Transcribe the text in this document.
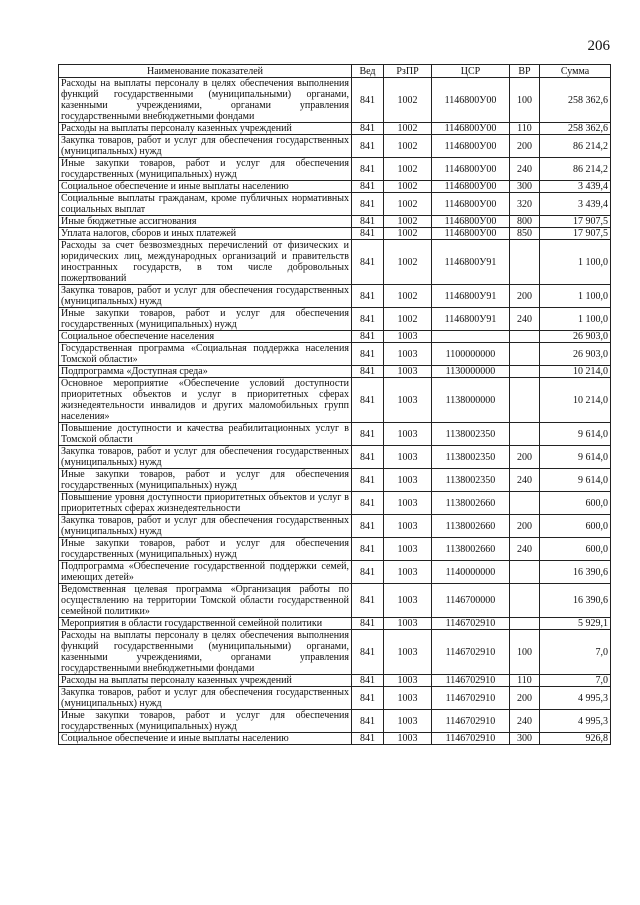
206
Наименование показателей	Вед	РзПР	ЦСР	ВР	Сумма
Расходы на выплаты персоналу в целях обеспечения выполнения функций государственными (муниципальными) органами, казенными учреждениями, органами управления государственными внебюджетными фондами	841	1002	1146800У00	100	258 362,6
Расходы на выплаты персоналу казенных учреждений	841	1002	1146800У00	110	258 362,6
Закупка товаров, работ и услуг для обеспечения государственных (муниципальных) нужд	841	1002	1146800У00	200	86 214,2
Иные закупки товаров, работ и услуг для обеспечения государственных (муниципальных) нужд	841	1002	1146800У00	240	86 214,2
Социальное обеспечение и иные выплаты населению	841	1002	1146800У00	300	3 439,4
Социальные выплаты гражданам, кроме публичных нормативных социальных выплат	841	1002	1146800У00	320	3 439,4
Иные бюджетные ассигнования	841	1002	1146800У00	800	17 907,5
Уплата налогов, сборов и иных платежей	841	1002	1146800У00	850	17 907,5
Расходы за счет безвозмездных перечислений от физических и юридических лиц, международных организаций и правительств иностранных государств, в том числе добровольных пожертвований	841	1002	1146800У91		1 100,0
Закупка товаров, работ и услуг для обеспечения государственных (муниципальных) нужд	841	1002	1146800У91	200	1 100,0
Иные закупки товаров, работ и услуг для обеспечения государственных (муниципальных) нужд	841	1002	1146800У91	240	1 100,0
Социальное обеспечение населения	841	1003			26 903,0
Государственная программа «Социальная поддержка населения Томской области»	841	1003	1100000000		26 903,0
Подпрограмма «Доступная среда»	841	1003	1130000000		10 214,0
Основное мероприятие «Обеспечение условий доступности приоритетных объектов и услуг в приоритетных сферах жизнедеятельности инвалидов и других маломобильных групп населения»	841	1003	1138000000		10 214,0
Повышение доступности и качества реабилитационных услуг в Томской области	841	1003	1138002350		9 614,0
Закупка товаров, работ и услуг для обеспечения государственных (муниципальных) нужд	841	1003	1138002350	200	9 614,0
Иные закупки товаров, работ и услуг для обеспечения государственных (муниципальных) нужд	841	1003	1138002350	240	9 614,0
Повышение уровня доступности приоритетных объектов и услуг в приоритетных сферах жизнедеятельности	841	1003	1138002660		600,0
Закупка товаров, работ и услуг для обеспечения государственных (муниципальных) нужд	841	1003	1138002660	200	600,0
Иные закупки товаров, работ и услуг для обеспечения государственных (муниципальных) нужд	841	1003	1138002660	240	600,0
Подпрограмма «Обеспечение государственной поддержки семей, имеющих детей»	841	1003	1140000000		16 390,6
Ведомственная целевая программа «Организация работы по осуществлению на территории Томской области государственной семейной политики»	841	1003	1146700000		16 390,6
Мероприятия в области государственной семейной политики	841	1003	1146702910		5 929,1
Расходы на выплаты персоналу в целях обеспечения выполнения функций государственными (муниципальными) органами, казенными учреждениями, органами управления государственными внебюджетными фондами	841	1003	1146702910	100	7,0
Расходы на выплаты персоналу казенных учреждений	841	1003	1146702910	110	7,0
Закупка товаров, работ и услуг для обеспечения государственных (муниципальных) нужд	841	1003	1146702910	200	4 995,3
Иные закупки товаров, работ и услуг для обеспечения государственных (муниципальных) нужд	841	1003	1146702910	240	4 995,3
Социальное обеспечение и иные выплаты населению	841	1003	1146702910	300	926,8
